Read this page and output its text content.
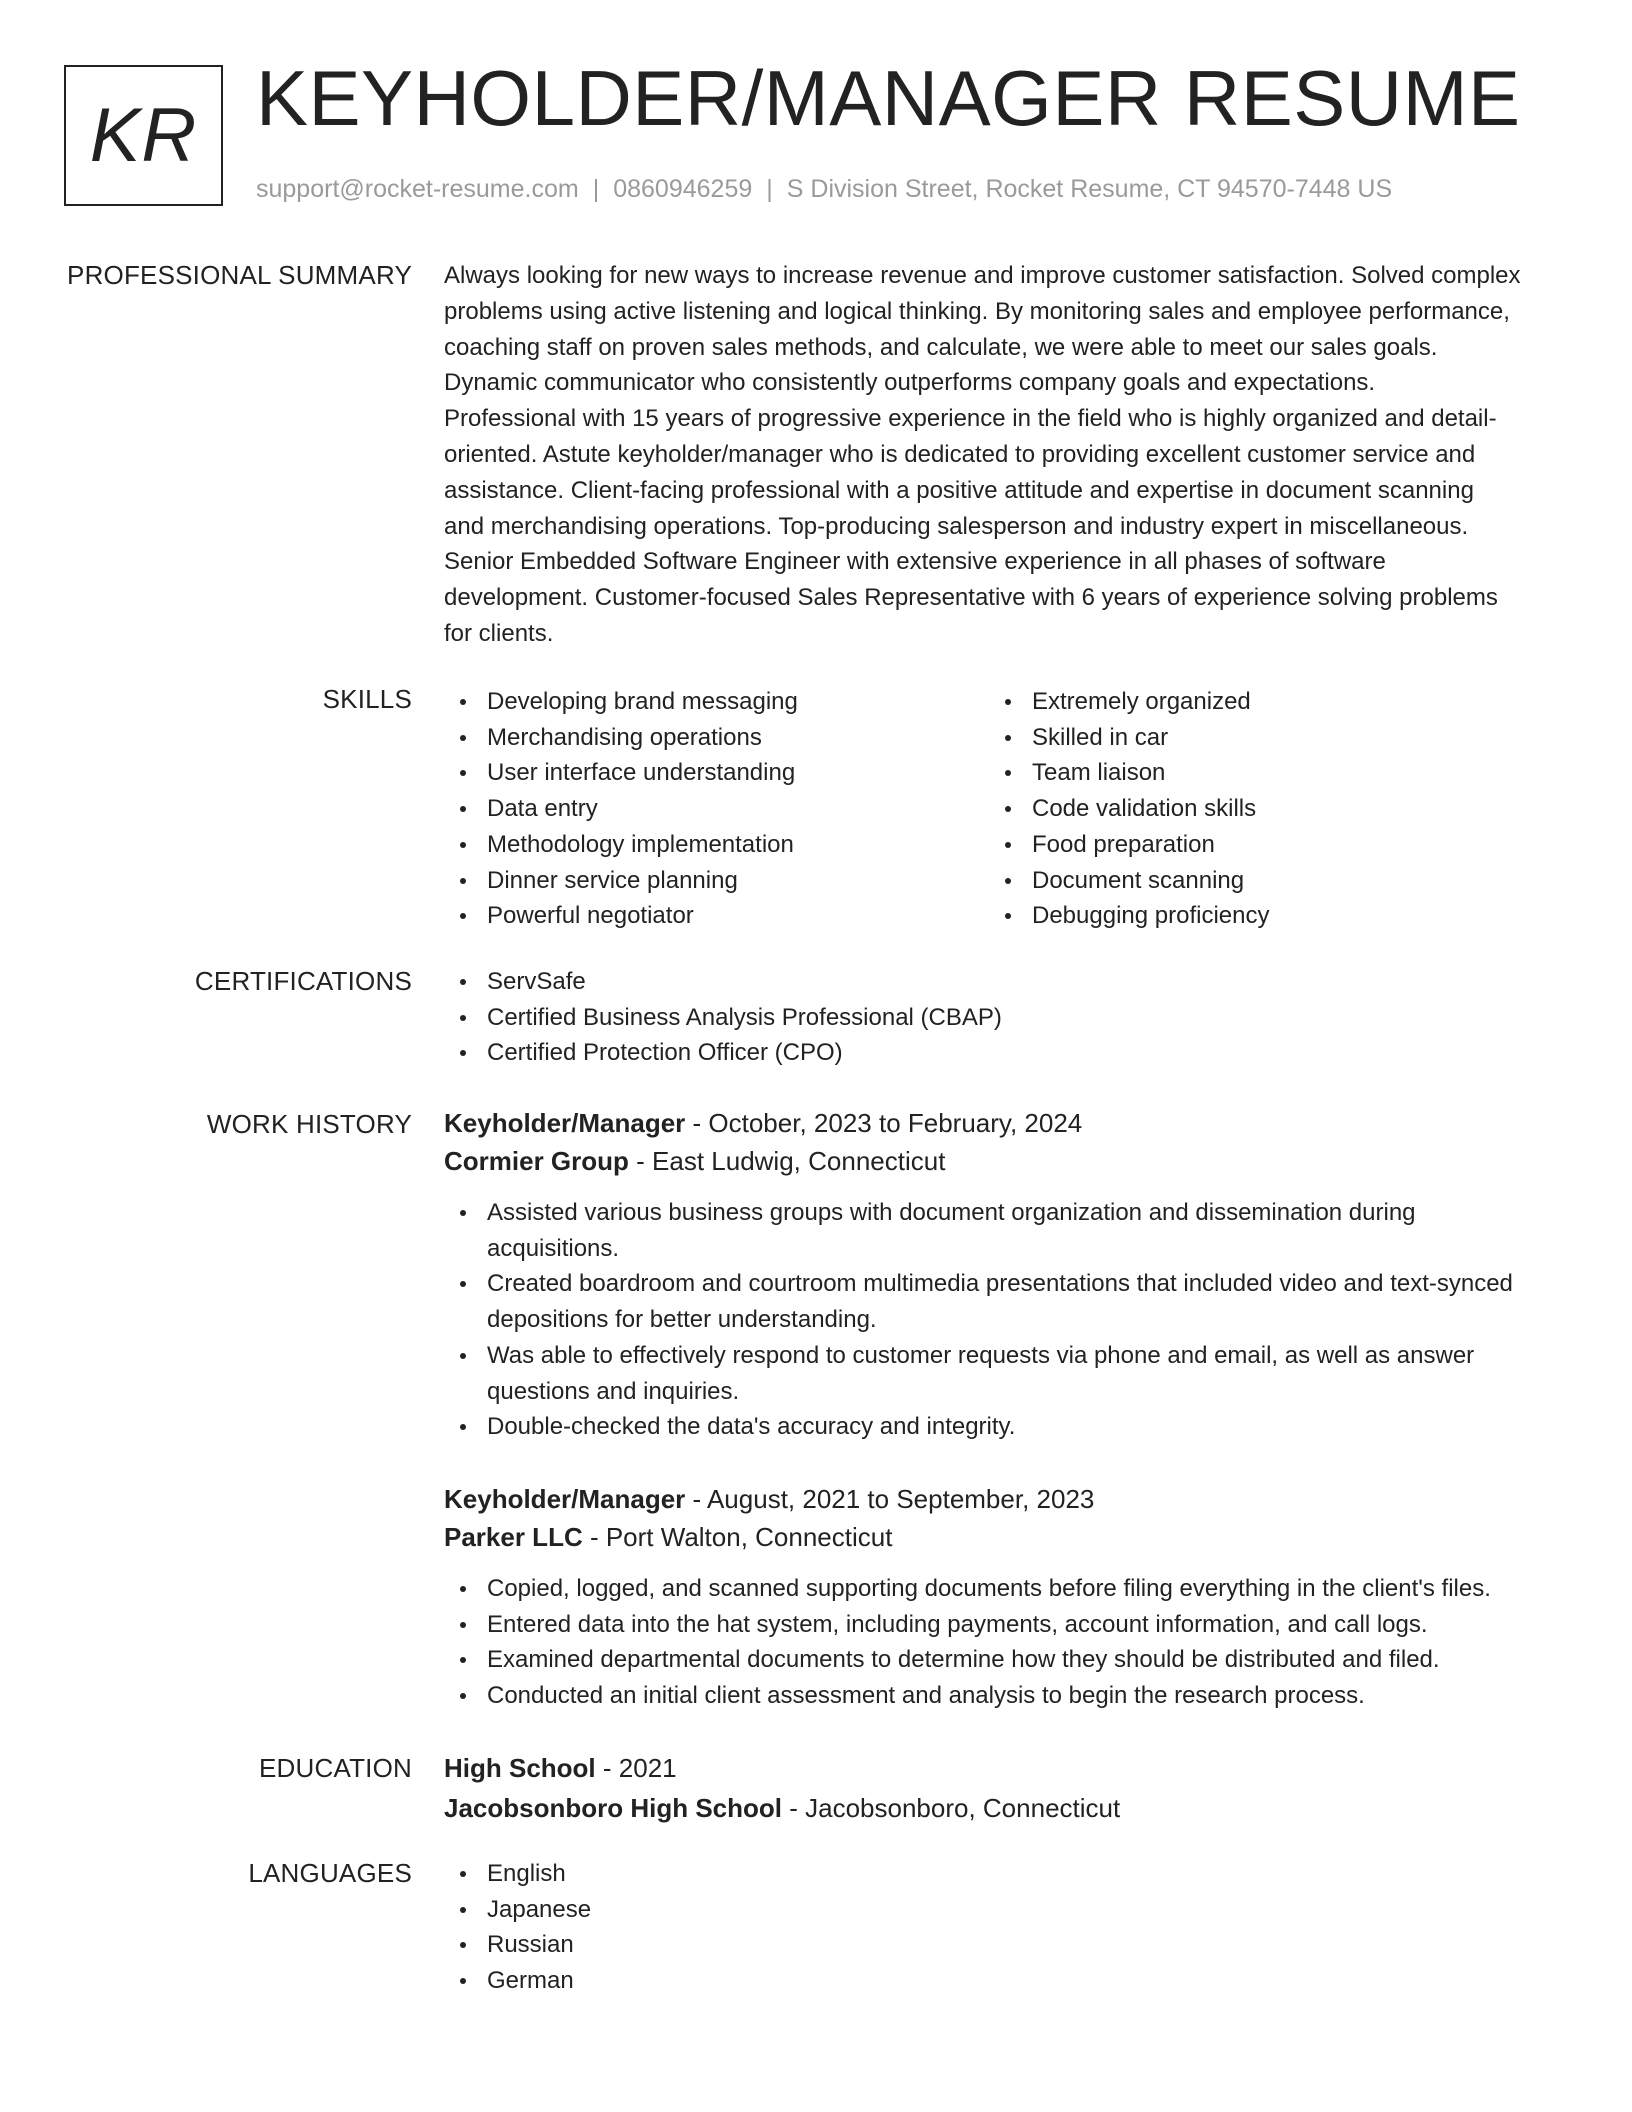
KR KEYHOLDER/MANAGER RESUME
support@rocket-resume.com | 0860946259 | S Division Street, Rocket Resume, CT 94570-7448 US
PROFESSIONAL SUMMARY Always looking for new ways to increase revenue and improve customer satisfaction. Solved complex
problems using active listening and logical thinking. By monitoring sales and employee performance,
coaching staff on proven sales methods, and calculate, we were able to meet our sales goals.
Dynamic communicator who consistently outperforms company goals and expectations.
Professional with 15 years of progressive experience in the field who is highly organized and detail-
oriented. Astute keyholder/manager who is dedicated to providing excellent customer service and
assistance. Client-facing professional with a positive attitude and expertise in document scanning
and merchandising operations. Top-producing salesperson and industry expert in miscellaneous.
Senior Embedded Software Engineer with extensive experience in all phases of software
development. Customer-focused Sales Representative with 6 years of experience solving problems
for clients.
SKILLS	Developing brand messaging
Merchandising operations
User interface understanding
Data entry
Methodology implementation
Dinner service planning
Powerful negotiator
Extremely organized
Skilled in car
Team liaison
Code validation skills
Food preparation
Document scanning
Debugging proficiency
CERTIFICATIONS	ServSafe
Certified Business Analysis Professional (CBAP)
Certified Protection Officer (CPO)
WORK HISTORY Keyholder/Manager - October, 2023 to February, 2024
Cormier Group - East Ludwig, Connecticut
Assisted various business groups with document organization and dissemination during
acquisitions.
Created boardroom and courtroom multimedia presentations that included video and text-synced
depositions for better understanding.
Was able to effectively respond to customer requests via phone and email, as well as answer
questions and inquiries.
Double-checked the data's accuracy and integrity.
Keyholder/Manager - August, 2021 to September, 2023
Parker LLC - Port Walton, Connecticut
Copied, logged, and scanned supporting documents before filing everything in the client's files.
Entered data into the hat system, including payments, account information, and call logs.
Examined departmental documents to determine how they should be distributed and filed.
Conducted an initial client assessment and analysis to begin the research process.
EDUCATION High School - 2021
Jacobsonboro High School - Jacobsonboro, Connecticut
LANGUAGES	English
Japanese
Russian
German
